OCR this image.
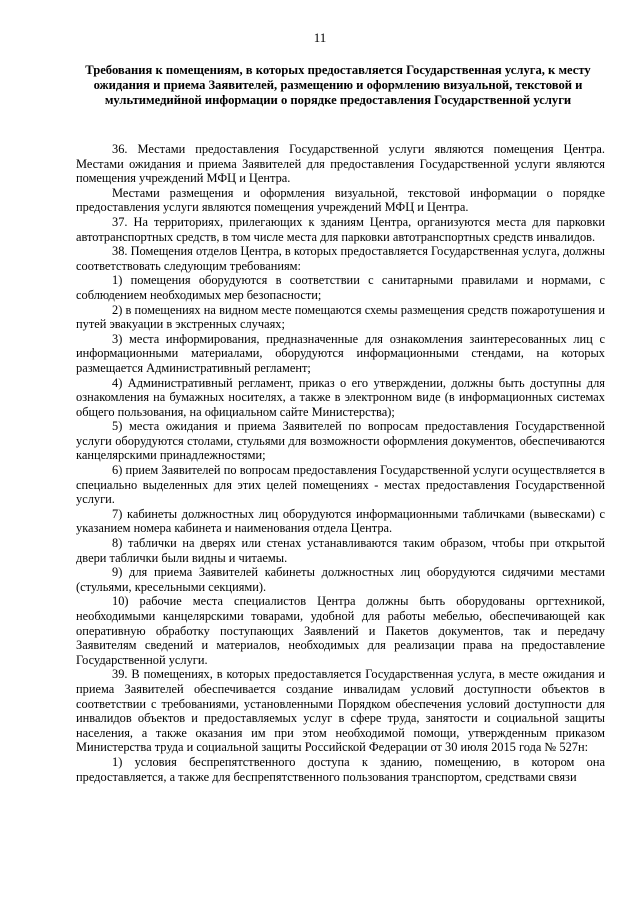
11
Требования к помещениям, в которых предоставляется Государственная услуга, к месту ожидания и приема Заявителей, размещению и оформлению визуальной, текстовой и мультимедийной информации о порядке предоставления Государственной услуги

36. Местами предоставления Государственной услуги являются помещения Центра. Местами ожидания и приема Заявителей для предоставления Государственной услуги являются помещения учреждений МФЦ и Центра.

Местами размещения и оформления визуальной, текстовой информации о порядке предоставления услуги являются помещения учреждений МФЦ и Центра.

37. На территориях, прилегающих к зданиям Центра, организуются места для парковки автотранспортных средств, в том числе места для парковки автотранспортных средств инвалидов.

38. Помещения отделов Центра, в которых предоставляется Государственная услуга, должны соответствовать следующим требованиям:

1) помещения оборудуются в соответствии с санитарными правилами и нормами, с соблюдением необходимых мер безопасности;

2) в помещениях на видном месте помещаются схемы размещения средств пожаротушения и путей эвакуации в экстренных случаях;

3) места информирования, предназначенные для ознакомления заинтересованных лиц с информационными материалами, оборудуются информационными стендами, на которых размещается Административный регламент;

4) Административный регламент, приказ о его утверждении, должны быть доступны для ознакомления на бумажных носителях, а также в электронном виде (в информационных системах общего пользования, на официальном сайте Министерства);

5) места ожидания и приема Заявителей по вопросам предоставления Государственной услуги оборудуются столами, стульями для возможности оформления документов, обеспечиваются канцелярскими принадлежностями;

6) прием Заявителей по вопросам предоставления Государственной услуги осуществляется в специально выделенных для этих целей помещениях - местах предоставления Государственной услуги.

7) кабинеты должностных лиц оборудуются информационными табличками (вывесками) с указанием номера кабинета и наименования отдела Центра.

8) таблички на дверях или стенах устанавливаются таким образом, чтобы при открытой двери таблички были видны и читаемы.

9) для приема Заявителей кабинеты должностных лиц оборудуются сидячими местами (стульями, кресельными секциями).

10) рабочие места специалистов Центра должны быть оборудованы оргтехникой, необходимыми канцелярскими товарами, удобной для работы мебелью, обеспечивающей как оперативную обработку поступающих Заявлений и Пакетов документов, так и передачу Заявителям сведений и материалов, необходимых для реализации права на предоставление Государственной услуги.

39. В помещениях, в которых предоставляется Государственная услуга, в месте ожидания и приема Заявителей обеспечивается создание инвалидам условий доступности объектов в соответствии с требованиями, установленными Порядком обеспечения условий доступности для инвалидов объектов и предоставляемых услуг в сфере труда, занятости и социальной защиты населения, а также оказания им при этом необходимой помощи, утвержденным приказом Министерства труда и социальной защиты Российской Федерации от 30 июля 2015 года № 527н:

1) условия беспрепятственного доступа к зданию, помещению, в котором она предоставляется, а также для беспрепятственного пользования транспортом, средствами связи
